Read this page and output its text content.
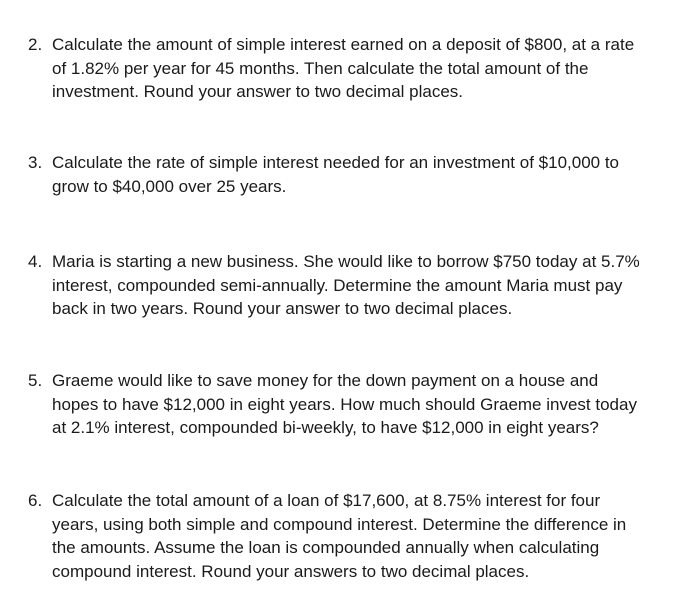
2. Calculate the amount of simple interest earned on a deposit of $800, at a rate
of 1.82% per year for 45 months. Then calculate the total amount of the
investment. Round your answer to two decimal places.
3. Calculate the rate of simple interest needed for an investment of $10,000 to
grow to $40,000 over 25 years.
4. Maria is starting a new business. She would like to borrow $750 today at 5.7%
interest, compounded semi-annually. Determine the amount Maria must pay
back in two years. Round your answer to two decimal places.
5. Graeme would like to save money for the down payment on a house and
hopes to have $12,000 in eight years. How much should Graeme invest today
at 2.1% interest, compounded bi-weekly, to have $12,000 in eight years?
6. Calculate the total amount of a loan of $17,600, at 8.75% interest for four
years, using both simple and compound interest. Determine the difference in
the amounts. Assume the loan is compounded annually when calculating
compound interest. Round your answers to two decimal places.
